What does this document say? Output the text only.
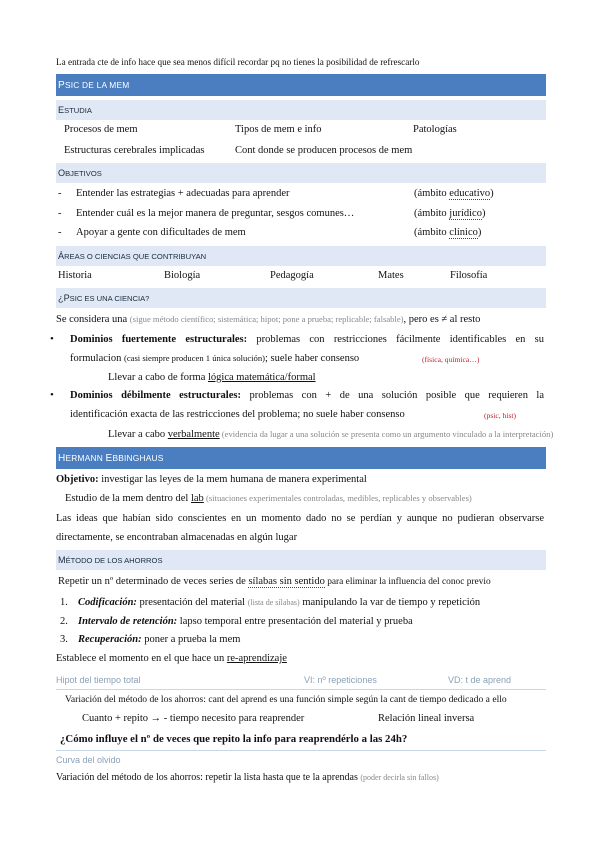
La entrada cte de info hace que sea menos difícil recordar pq no tienes la posibilidad de refrescarlo
PSIC DE LA MEM
ESTUDIA
Procesos de mem	Tipos de mem e info	Patologías
Estructuras cerebrales implicadas	Cont donde se producen procesos de mem
OBJETIVOS
- Entender las estrategias + adecuadas para aprender	(ámbito educativo)
- Entender cuál es la mejor manera de preguntar, sesgos comunes…	(ámbito jurídico)
- Apoyar a gente con dificultades de mem	(ámbito clínico)
ÁREAS O CIENCIAS QUE CONTRIBUYAN
Historia	Biología	Pedagogía	Mates	Filosofía
¿PSIC ES UNA CIENCIA?
Se considera una (sigue método científico; sistemática; hipot; pone a prueba; replicable; falsable), pero es ≠ al resto
• Dominios fuertemente estructurales: problemas con restricciones fácilmente identificables en su
formulacion (casi siempre producen 1 única solución); suele haber consenso	(física, química…)
Llevar a cabo de forma lógica matemática/formal
• Dominios débilmente estructurales: problemas con + de una solución posible que requieren la
identificación exacta de las restricciones del problema; no suele haber consenso	(psic, hist)
Llevar a cabo verbalmente (evidencia da lugar a una solución se presenta como un argumento vinculado a la interpretación)
HERMANN EBBINGHAUS
Objetivo: investigar las leyes de la mem humana de manera experimental
Estudio de la mem dentro del lab (situaciones experimentales controladas, medibles, replicables y observables)
Las ideas que habían sido conscientes en un momento dado no se perdían y aunque no pudieran observarse
directamente, se encontraban almacenadas en algún lugar
MÉTODO DE LOS AHORROS
Repetir un nº determinado de veces series de sílabas sin sentido para eliminar la influencia del conoc previo
1. Codificación: presentación del material (lista de sílabas) manipulando la var de tiempo y repetición
2. Intervalo de retención: lapso temporal entre presentación del material y prueba
3. Recuperación: poner a prueba la mem
Establece el momento en el que hace un re-aprendizaje
Hipot del tiempo total	VI: nº repeticiones	VD: t de aprend
Variación del método de los ahorros: cant del aprend es una función simple según la cant de tiempo dedicado a ello
Cuanto + repito → - tiempo necesito para reaprender	Relación lineal inversa
¿Cómo influye el nº de veces que repito la info para reaprendérlo a las 24h?
Curva del olvido
Variación del método de los ahorros: repetir la lista hasta que te la aprendas (poder decirla sin fallos)
